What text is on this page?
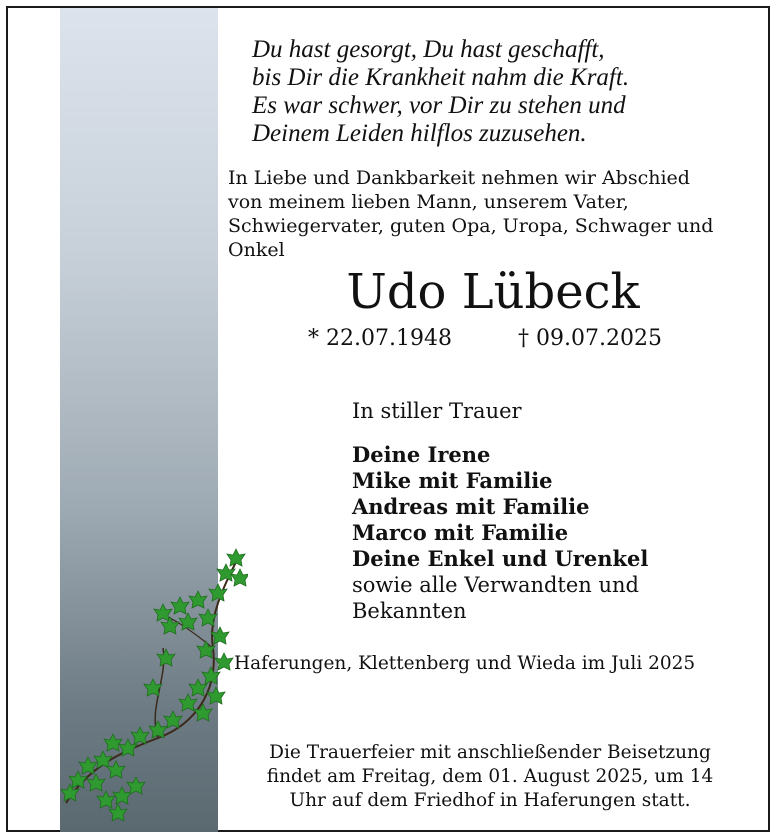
Du hast gesorgt, Du hast geschafft,
bis Dir die Krankheit nahm die Kraft.
Es war schwer, vor Dir zu stehen und
Deinem Leiden hilflos zuzusehen.
In Liebe und Dankbarkeit nehmen wir Abschied
von meinem lieben Mann, unserem Vater,
Schwiegervater, guten Opa, Uropa, Schwager und
Onkel
Udo Lübeck
* 22.07.1948	† 09.07.2025
In stiller Trauer
Deine Irene
Mike mit Familie
Andreas mit Familie
Marco mit Familie
Deine Enkel und Urenkel
sowie alle Verwandten und
Bekannten
Haferungen, Klettenberg und Wieda im Juli 2025
Die Trauerfeier mit anschließender Beisetzung
findet am Freitag, dem 01. August 2025, um 14
Uhr auf dem Friedhof in Haferungen statt.
